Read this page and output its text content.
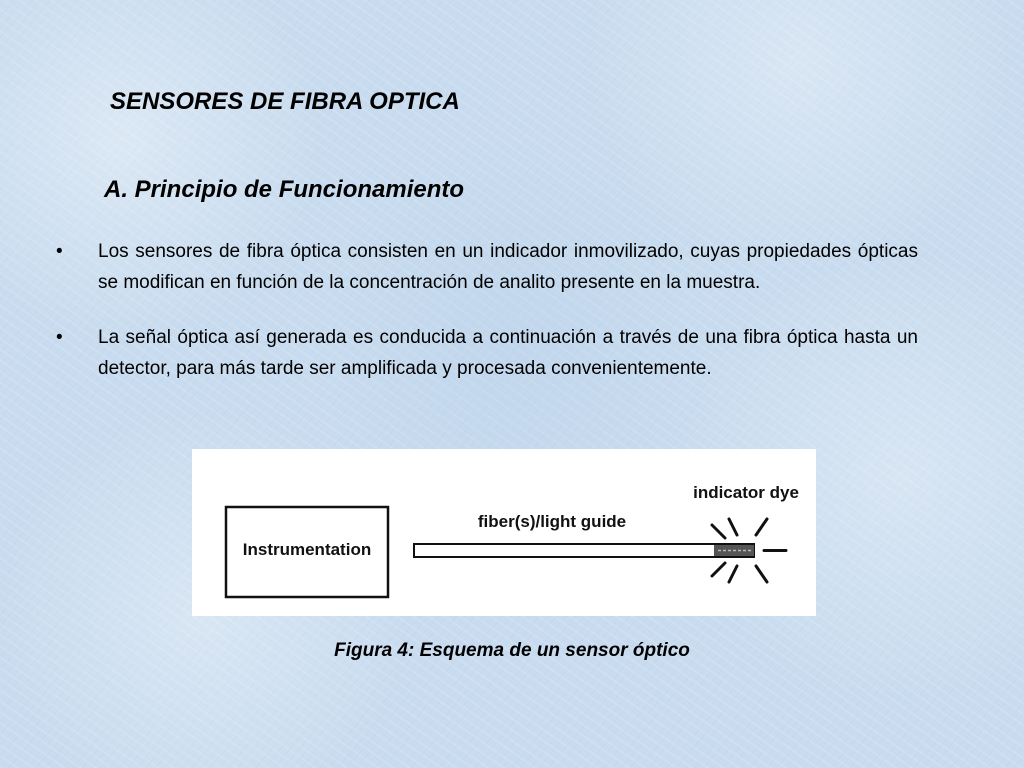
SENSORES DE FIBRA OPTICA
A. Principio de Funcionamiento
• Los sensores de fibra óptica consisten en un indicador inmovilizado, cuyas propiedades ópticas se modifican en función de la concentración de analito presente en la muestra.
• La señal óptica así generada es conducida a continuación a través de una fibra óptica hasta un detector, para más tarde ser amplificada y procesada convenientemente.
Instrumentation
fiber(s)/light guide
indicator dye

Figura 4: Esquema de un sensor óptico
